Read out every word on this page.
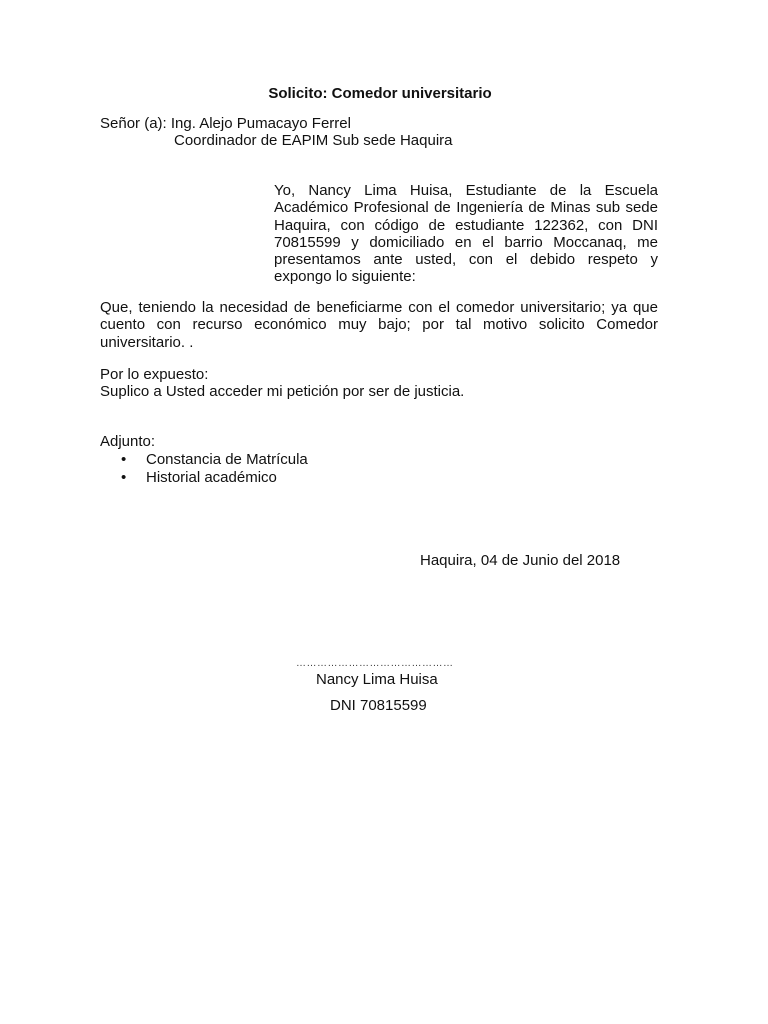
Solicito: Comedor universitario
Señor (a): Ing. Alejo Pumacayo Ferrel
Coordinador de EAPIM Sub sede Haquira
Yo, Nancy Lima Huisa, Estudiante de la Escuela
Académico Profesional de Ingeniería de Minas sub sede
Haquira, con código de estudiante 122362, con DNI
70815599 y domiciliado en el barrio Moccanaq, me
presentamos ante usted, con el debido respeto y
expongo lo siguiente:
Que, teniendo la necesidad de beneficiarme con el comedor universitario; ya que
cuento con recurso económico muy bajo; por tal motivo solicito Comedor
universitario. .
Por lo expuesto:
Suplico a Usted acceder mi petición por ser de justicia.
Adjunto:
• Constancia de Matrícula
• Historial académico
Haquira, 04 de Junio del 2018
………………………………………
Nancy Lima Huisa
DNI 70815599
